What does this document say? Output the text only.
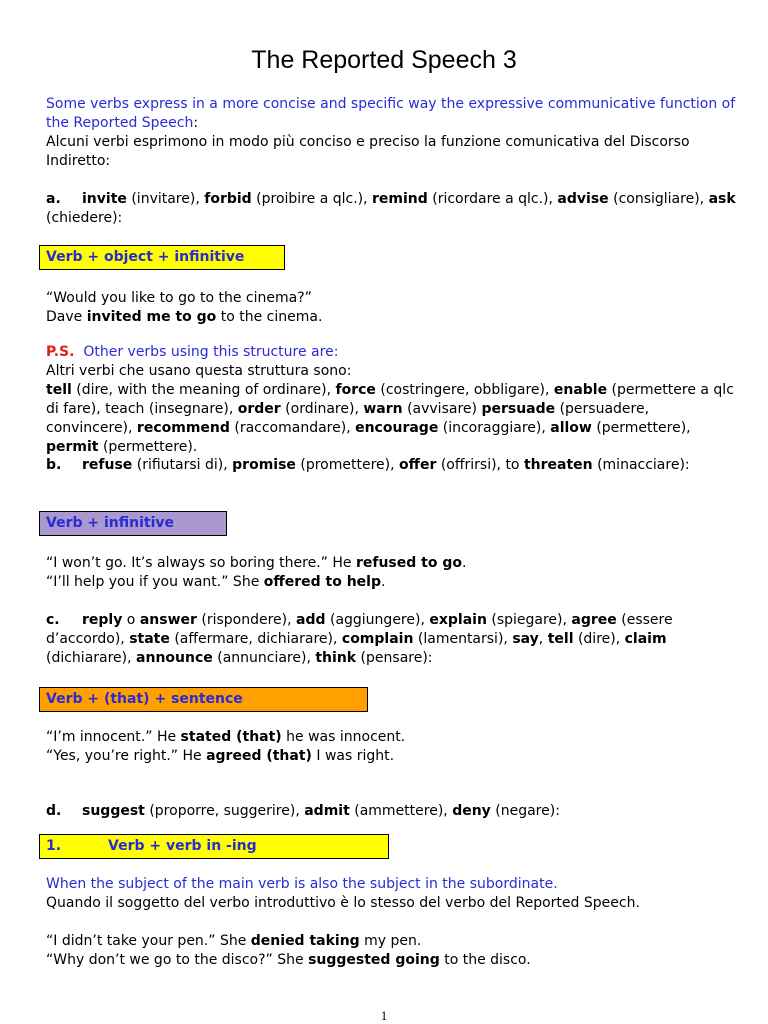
The Reported Speech 3

Some verbs express in a more concise and specific way the expressive communicative function of the Reported Speech:
Alcuni verbi esprimono in modo più conciso e preciso la funzione comunicativa del Discorso Indiretto:

a. invite (invitare), forbid (proibire a qlc.), remind (ricordare a qlc.), advise (consigliare), ask (chiedere):

Verb + object + infinitive

“Would you like to go to the cinema?”
Dave invited me to go to the cinema.

P.S. Other verbs using this structure are:
Altri verbi che usano questa struttura sono:
tell (dire, with the meaning of ordinare), force (costringere, obbligare), enable (permettere a qlc di fare), teach (insegnare), order (ordinare), warn (avvisare) persuade (persuadere, convincere), recommend (raccomandare), encourage (incoraggiare), allow (permettere), permit (permettere).

b. refuse (rifiutarsi di), promise (promettere), offer (offrirsi), to threaten (minacciare):

Verb + infinitive

“I won’t go. It’s always so boring there.” He refused to go.
“I’ll help you if you want.” She offered to help.

c. reply o answer (rispondere), add (aggiungere), explain (spiegare), agree (essere d’accordo), state (affermare, dichiarare), complain (lamentarsi), say, tell (dire), claim (dichiarare), announce (annunciare), think (pensare):

Verb + (that) + sentence

“I’m innocent.” He stated (that) he was innocent.
“Yes, you’re right.” He agreed (that) I was right.

d. suggest (proporre, suggerire), admit (ammettere), deny (negare):

1.	Verb + verb in -ing

When the subject of the main verb is also the subject in the subordinate.
Quando il soggetto del verbo introduttivo è lo stesso del verbo del Reported Speech.

“I didn’t take your pen.” She denied taking my pen.
“Why don’t we go to the disco?” She suggested going to the disco.

1
